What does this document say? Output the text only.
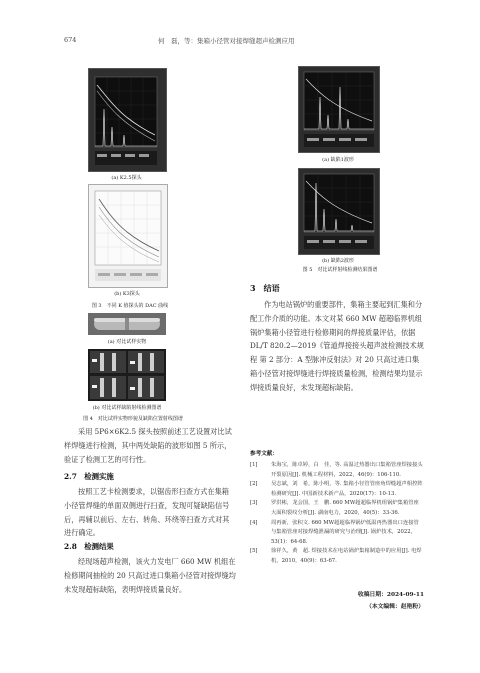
674	何　磊，等：集箱小径管对接焊缝超声检测应用
(a) K2.5探头
(b) K3探头
图 3　不同 K 值探头的 DAC 曲线
(a) 对比试样实物
(b) 对比试样缺陷射线检测图谱
图 4　对比试样实物形貌及缺陷位置射线图谱
采用 5P6×6K2.5 探头按照前述工艺设置对比试样焊缝进行检测，其中两处缺陷的波形如图 5 所示，验证了检测工艺的可行性。
2.7　检测实施
按照工艺卡检测要求，以锯齿形扫查方式在集箱小径管焊缝的单面双侧进行扫查，发现可疑缺陷信号后，再辅以前后、左右、转角、环绕等扫查方式对其进行确定。
2.8　检测结果
经现场超声检测，该火力发电厂 660 MW 机组在检修期间抽检的 20 只高过进口集箱小径管对接焊缝均未发现超标缺陷，表明焊接质量良好。
(a) 缺陷1波形
(b) 缺陷2波形
图 5　对比试样射线检测结果图谱
3　结语
作为电站锅炉的重要部件，集箱主要起到汇集和分配工作介质的功能。本文对某 660 MW 超超临界机组锅炉集箱小径管进行检修期间的焊接质量评估，依据 DL/T 820.2—2019《管道焊接接头超声波检测技术规程 第 2 部分：A 型脉冲反射法》对 20 只高过进口集箱小径管对接焊缝进行焊接质量检测，检测结果均显示焊接质量良好，未发现超标缺陷。
参考文献：
[1]	朱海宝，陈卓婷，白　佳，等. 高温过热器出口集箱管座焊接接头开裂原因[J]. 机械工程材料，2022，46(9)：106-110.
[2]	吴志斌，刘　希，陈小明，等. 集箱小径管管座角焊缝超声相控阵检测研究[J]. 中国新技术新产品，2020(17)：10-13.
[3]	罗洪彬，龙会国，王　鹏. 660 MW超超临界机组锅炉集箱管座大面积裂纹分析[J]. 湖南电力，2020，40(5)：33-36.
[4]	周再新，张积文. 660 MW超超临界锅炉低温再热器出口连接管与集箱管座对接焊缝泄漏的研究与治理[J]. 锅炉技术，2022，53(1)：64-68.
[5]	徐祥久，黄　超. 焊接技术在电站锅炉集箱制造中的应用[J]. 电焊机，2010，40(9)：63-67.
收稿日期：2024-09-11
（本文编辑：赵艳粉）
